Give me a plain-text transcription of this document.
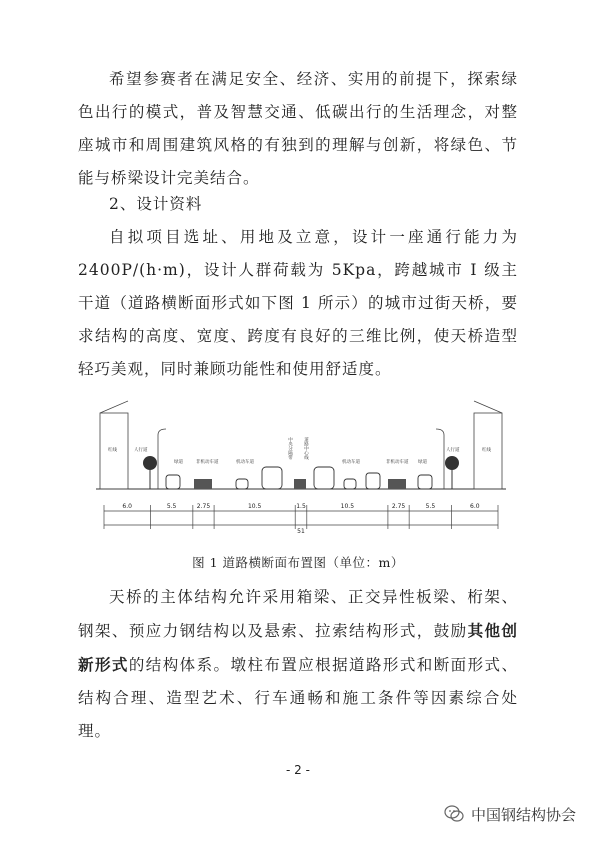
希望参赛者在满足安全、经济、实用的前提下，探索绿色出行的模式，普及智慧交通、低碳出行的生活理念，对整座城市和周围建筑风格的有独到的理解与创新，将绿色、节能与桥梁设计完美结合。

2、设计资料

自拟项目选址、用地及立意，设计一座通行能力为2400P/(h·m)，设计人群荷载为 5Kpa，跨越城市 I 级主干道（道路横断面形式如下图 1 所示）的城市过街天桥，要求结构的高度、宽度、跨度有良好的三维比例，使天桥造型轻巧美观，同时兼顾功能性和使用舒适度。

红线	人行道
绿道	非机动车道	机动车道
中央分隔带 道路中心线
机动车道	非机动车道 绿道
人行道	红线
6.0	5.5	2.75	10.5	1.5	10.5	2.75	5.5	6.0
51
图 1 道路横断面布置图（单位：m）

天桥的主体结构允许采用箱梁、正交异性板梁、桁架、钢架、预应力钢结构以及悬索、拉索结构形式，鼓励其他创新形式的结构体系。墩柱布置应根据道路形式和断面形式、结构合理、造型艺术、行车通畅和施工条件等因素综合处理。

- 2 -
中国钢结构协会
